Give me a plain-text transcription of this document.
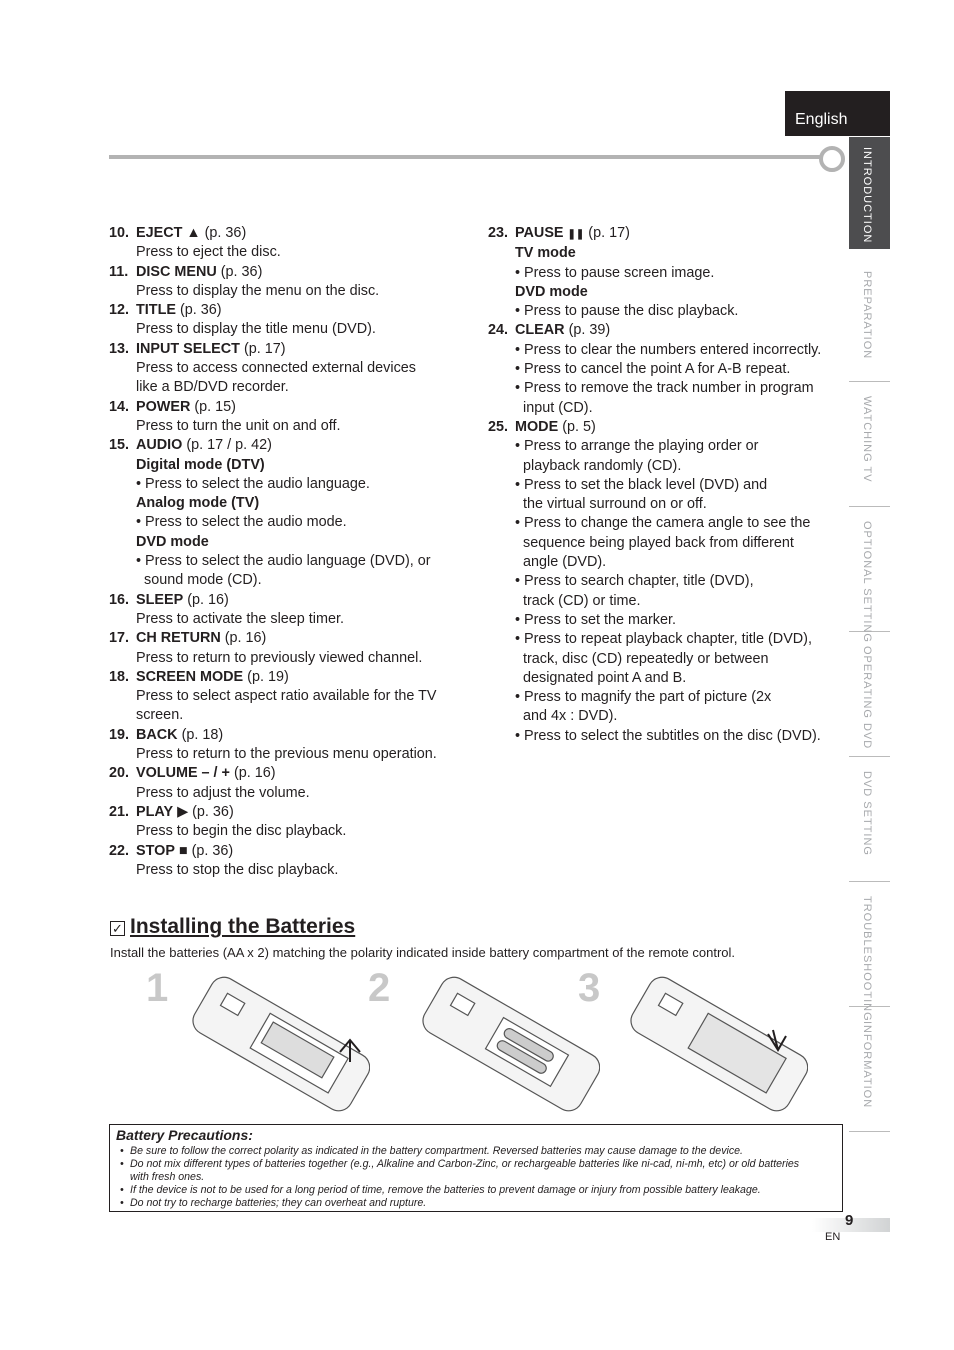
English
INTRODUCTION
PREPARATION
WATCHING TV
OPTIONAL SETTING
OPERATING DVD
DVD SETTING
TROUBLESHOOTING
INFORMATION
10. EJECT ▲ (p. 36)
Press to eject the disc.
11. DISC MENU (p. 36)
Press to display the menu on the disc.
12. TITLE (p. 36)
Press to display the title menu (DVD).
13. INPUT SELECT (p. 17)
Press to access connected external devices like a BD/DVD recorder.
14. POWER (p. 15)
Press to turn the unit on and off.
15. AUDIO (p. 17 / p. 42)
Digital mode (DTV)
• Press to select the audio language.
Analog mode (TV)
• Press to select the audio mode.
DVD mode
• Press to select the audio language (DVD), or sound mode (CD).
16. SLEEP (p. 16)
Press to activate the sleep timer.
17. CH RETURN (p. 16)
Press to return to previously viewed channel.
18. SCREEN MODE (p. 19)
Press to select aspect ratio available for the TV screen.
19. BACK (p. 18)
Press to return to the previous menu operation.
20. VOLUME – / + (p. 16)
Press to adjust the volume.
21. PLAY ▶ (p. 36)
Press to begin the disc playback.
22. STOP ■ (p. 36)
Press to stop the disc playback.
23. PAUSE ❚❚ (p. 17)
TV mode
• Press to pause screen image.
DVD mode
• Press to pause the disc playback.
24. CLEAR (p. 39)
• Press to clear the numbers entered incorrectly.
• Press to cancel the point A for A-B repeat.
• Press to remove the track number in program input (CD).
25. MODE (p. 5)
• Press to arrange the playing order or playback randomly (CD).
• Press to set the black level (DVD) and the virtual surround on or off.
• Press to change the camera angle to see the sequence being played back from different angle (DVD).
• Press to search chapter, title (DVD), track (CD) or time.
• Press to set the marker.
• Press to repeat playback chapter, title (DVD), track, disc (CD) repeatedly or between designated point A and B.
• Press to magnify the part of picture (2x and 4x : DVD).
• Press to select the subtitles on the disc (DVD).
✓ Installing the Batteries
Install the batteries (AA x 2) matching the polarity indicated inside battery compartment of the remote control.
1	2	3
Battery Precautions:
• Be sure to follow the correct polarity as indicated in the battery compartment. Reversed batteries may cause damage to the device.
• Do not mix different types of batteries together (e.g., Alkaline and Carbon-Zinc, or rechargeable batteries like ni-cad, ni-mh, etc) or old batteries with fresh ones.
• If the device is not to be used for a long period of time, remove the batteries to prevent damage or injury from possible battery leakage.
• Do not try to recharge batteries; they can overheat and rupture.
9
EN
